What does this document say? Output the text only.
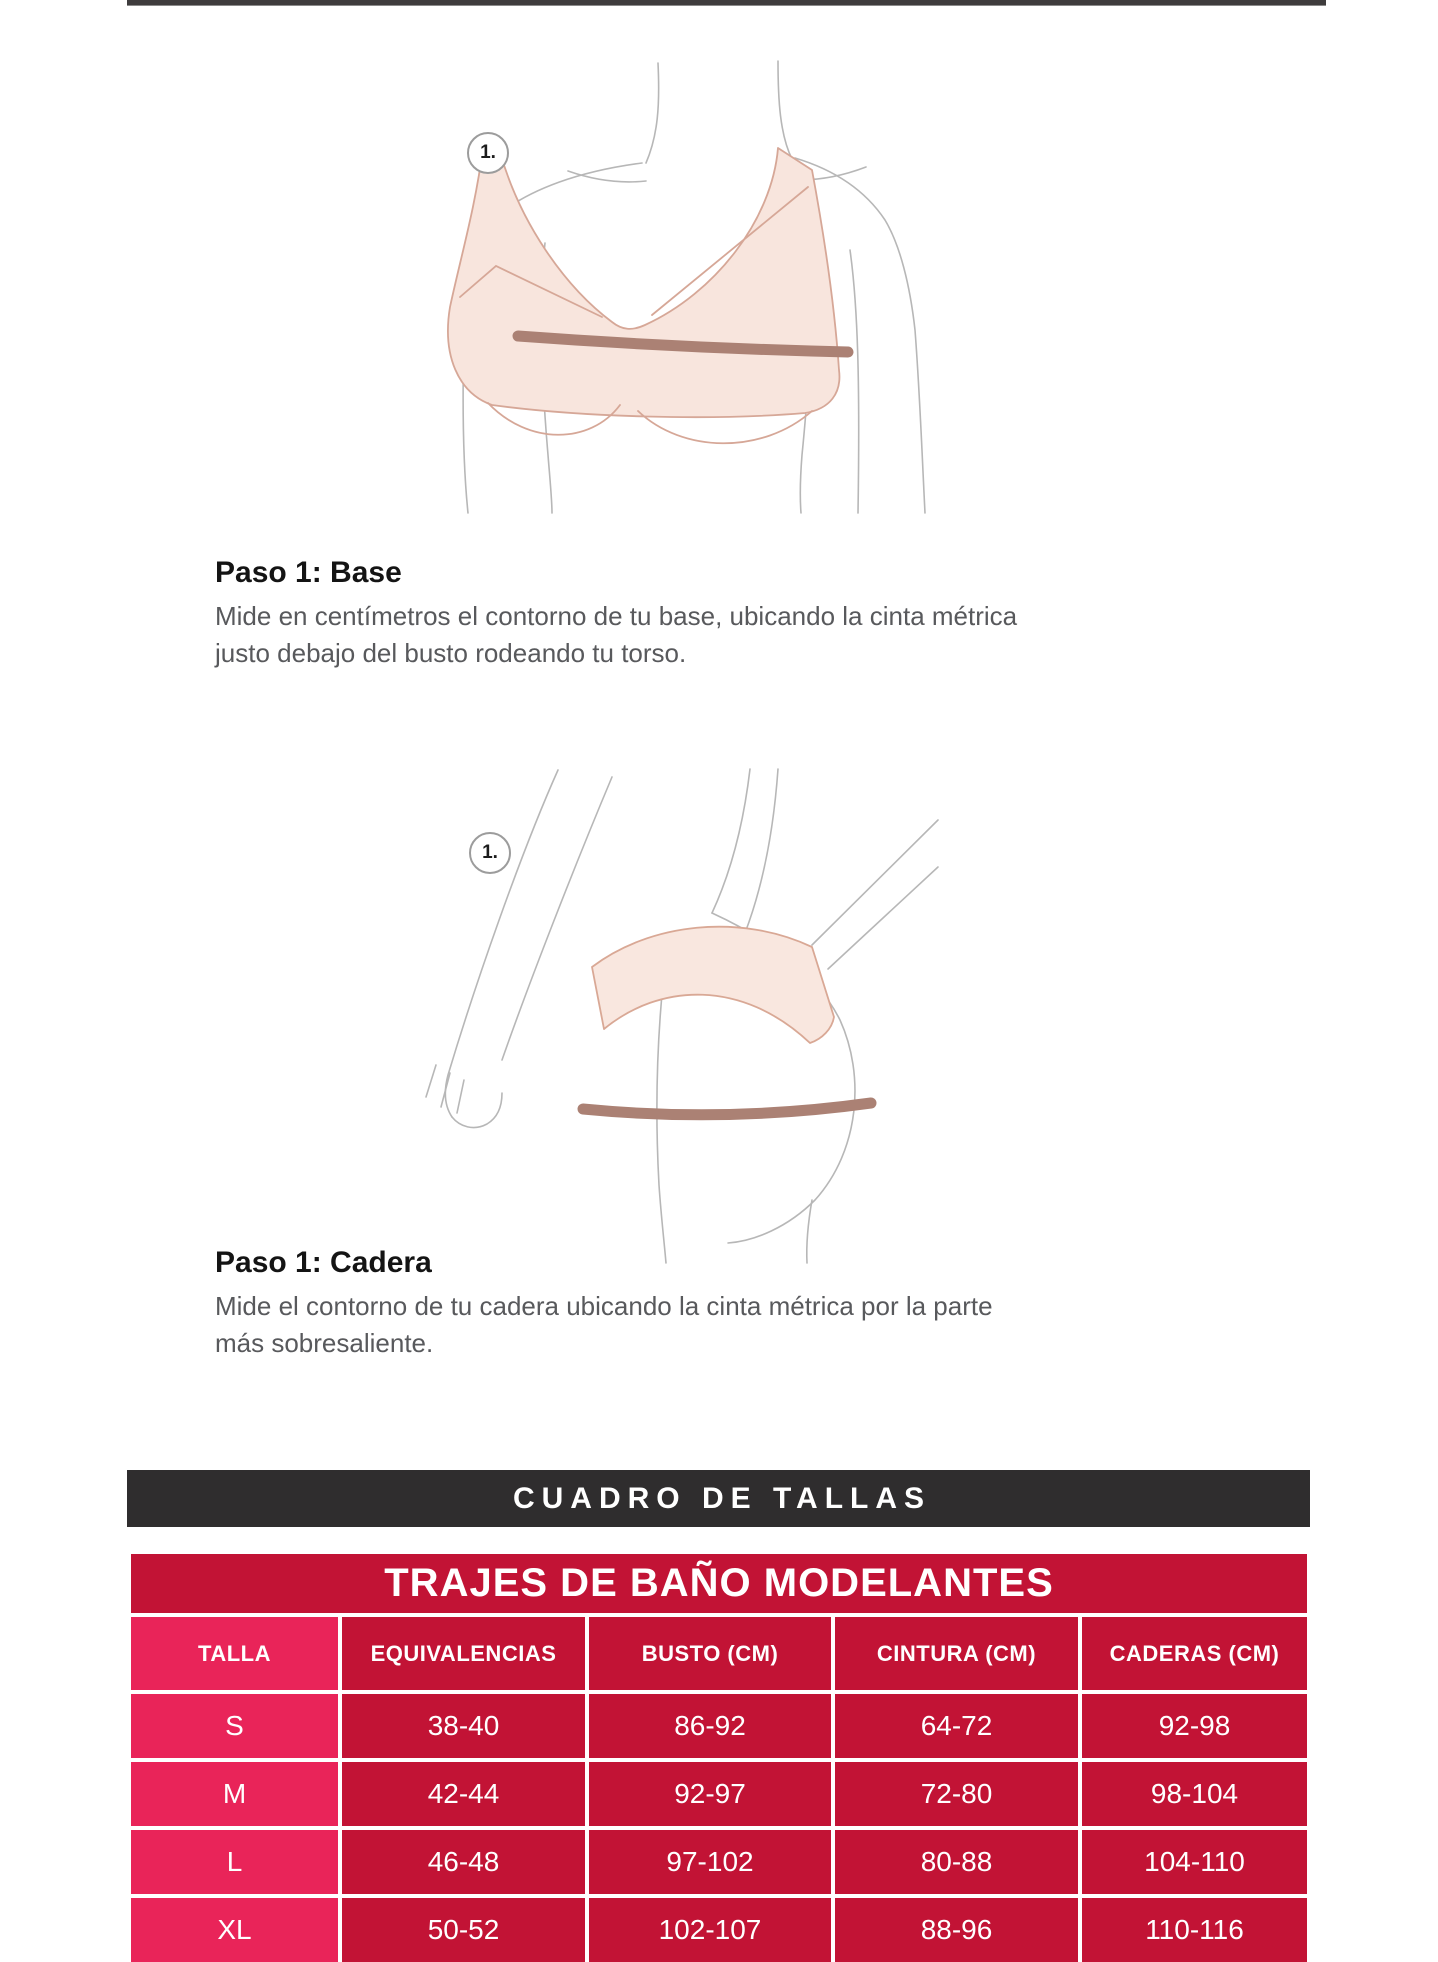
1.
Paso 1: Base
Mide en centímetros el contorno de tu base, ubicando la cinta métrica justo debajo del busto rodeando tu torso.
1.
Paso 1: Cadera
Mide el contorno de tu cadera ubicando la cinta métrica por la parte más sobresaliente.
CUADRO DE TALLAS
TRAJES DE BAÑO MODELANTES
TALLA	EQUIVALENCIAS	BUSTO (CM)	CINTURA (CM)	CADERAS (CM)
S	38-40	86-92	64-72	92-98
M	42-44	92-97	72-80	98-104
L	46-48	97-102	80-88	104-110
XL	50-52	102-107	88-96	110-116
